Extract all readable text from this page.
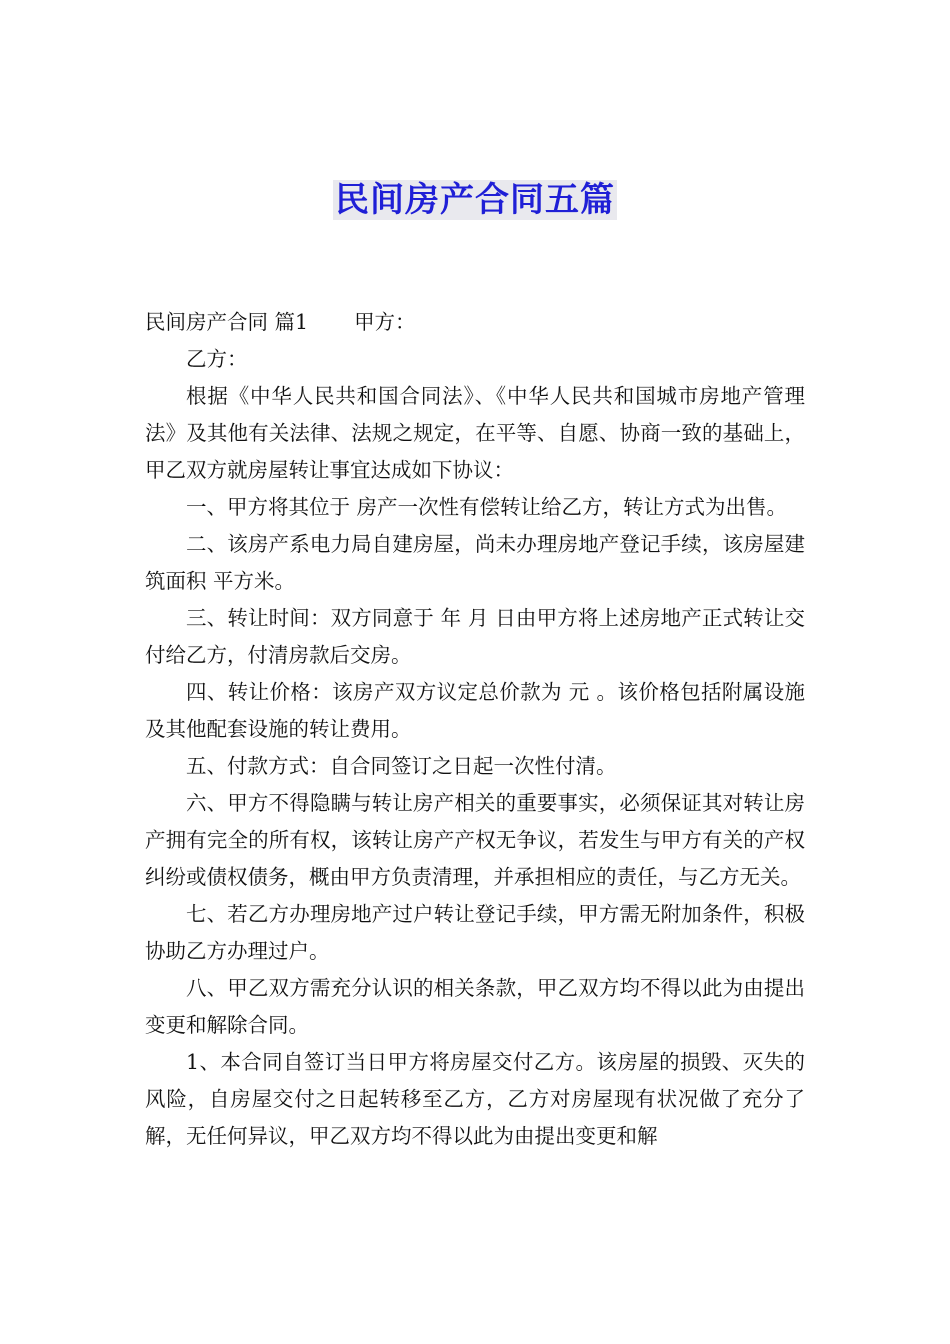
民间房产合同五篇

民间房产合同 篇1 甲方：

乙方：

根据《中华人民共和国合同法》、《中华人民共和国城市房地产管理法》及其他有关法律、法规之规定，在平等、自愿、协商一致的基础上，甲乙双方就房屋转让事宜达成如下协议：

一、甲方将其位于 房产一次性有偿转让给乙方，转让方式为出售。

二、该房产系电力局自建房屋，尚未办理房地产登记手续，该房屋建筑面积 平方米。

三、转让时间：双方同意于 年 月 日由甲方将上述房地产正式转让交付给乙方，付清房款后交房。

四、转让价格：该房产双方议定总价款为 元 。该价格包括附属设施及其他配套设施的转让费用。

五、付款方式：自合同签订之日起一次性付清。

六、甲方不得隐瞒与转让房产相关的重要事实，必须保证其对转让房产拥有完全的所有权，该转让房产产权无争议，若发生与甲方有关的产权纠纷或债权债务，概由甲方负责清理，并承担相应的责任，与乙方无关。

七、若乙方办理房地产过户转让登记手续，甲方需无附加条件，积极协助乙方办理过户。

八、甲乙双方需充分认识的相关条款，甲乙双方均不得以此为由提出变更和解除合同。

1、本合同自签订当日甲方将房屋交付乙方。该房屋的损毁、灭失的风险，自房屋交付之日起转移至乙方，乙方对房屋现有状况做了充分了解，无任何异议，甲乙双方均不得以此为由提出变更和解
